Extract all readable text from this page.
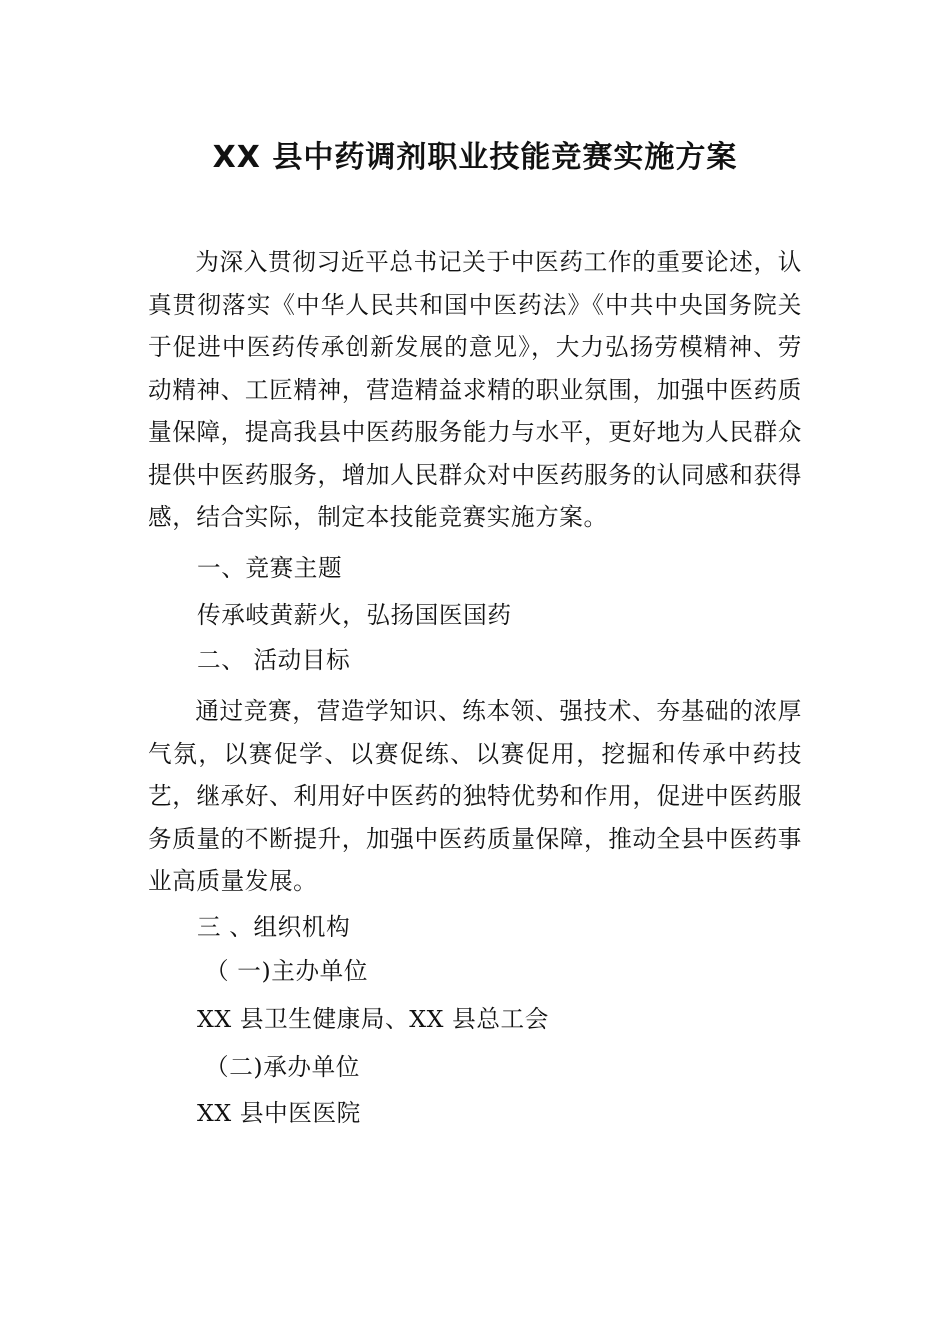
XX 县中药调剂职业技能竞赛实施方案

为深入贯彻习近平总书记关于中医药工作的重要论述，认真贯彻落实《中华人民共和国中医药法》《中共中央国务院关于促进中医药传承创新发展的意见》，大力弘扬劳模精神、劳动精神、工匠精神，营造精益求精的职业氛围，加强中医药质量保障，提高我县中医药服务能力与水平，更好地为人民群众提供中医药服务，增加人民群众对中医药服务的认同感和获得感，结合实际，制定本技能竞赛实施方案。

一、竞赛主题
传承岐黄薪火，弘扬国医国药
二、 活动目标

通过竞赛，营造学知识、练本领、强技术、夯基础的浓厚气氛，以赛促学、以赛促练、以赛促用，挖掘和传承中药技艺，继承好、利用好中医药的独特优势和作用，促进中医药服务质量的不断提升，加强中医药质量保障，推动全县中医药事业高质量发展。

三 、组织机构
（ 一)主办单位
XX 县卫生健康局、XX 县总工会
（二)承办单位
XX 县中医医院
